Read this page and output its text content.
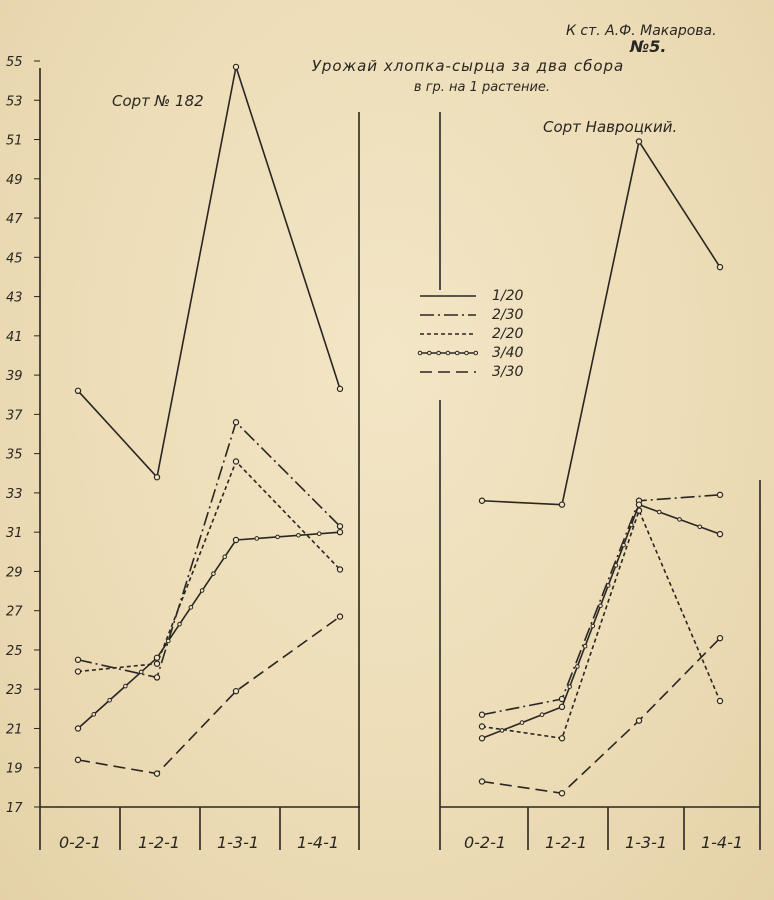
К ст. А.Ф. Макарова.
№5.
Урожай хлопка-сырца за два сбора
в гр. на 1 растение.
Сорт № 182
Сорт Навроцкий.
0-2-1 1-2-1 1-3-1 1-4-1	0-2-1 1-2-1 1-3-1 1-4-1
55
53
51
49
47
45
43
41
39
37
35
33
31
29
27
25
23
21
19
17
1/20
2/30
2/20
3/40
3/30
